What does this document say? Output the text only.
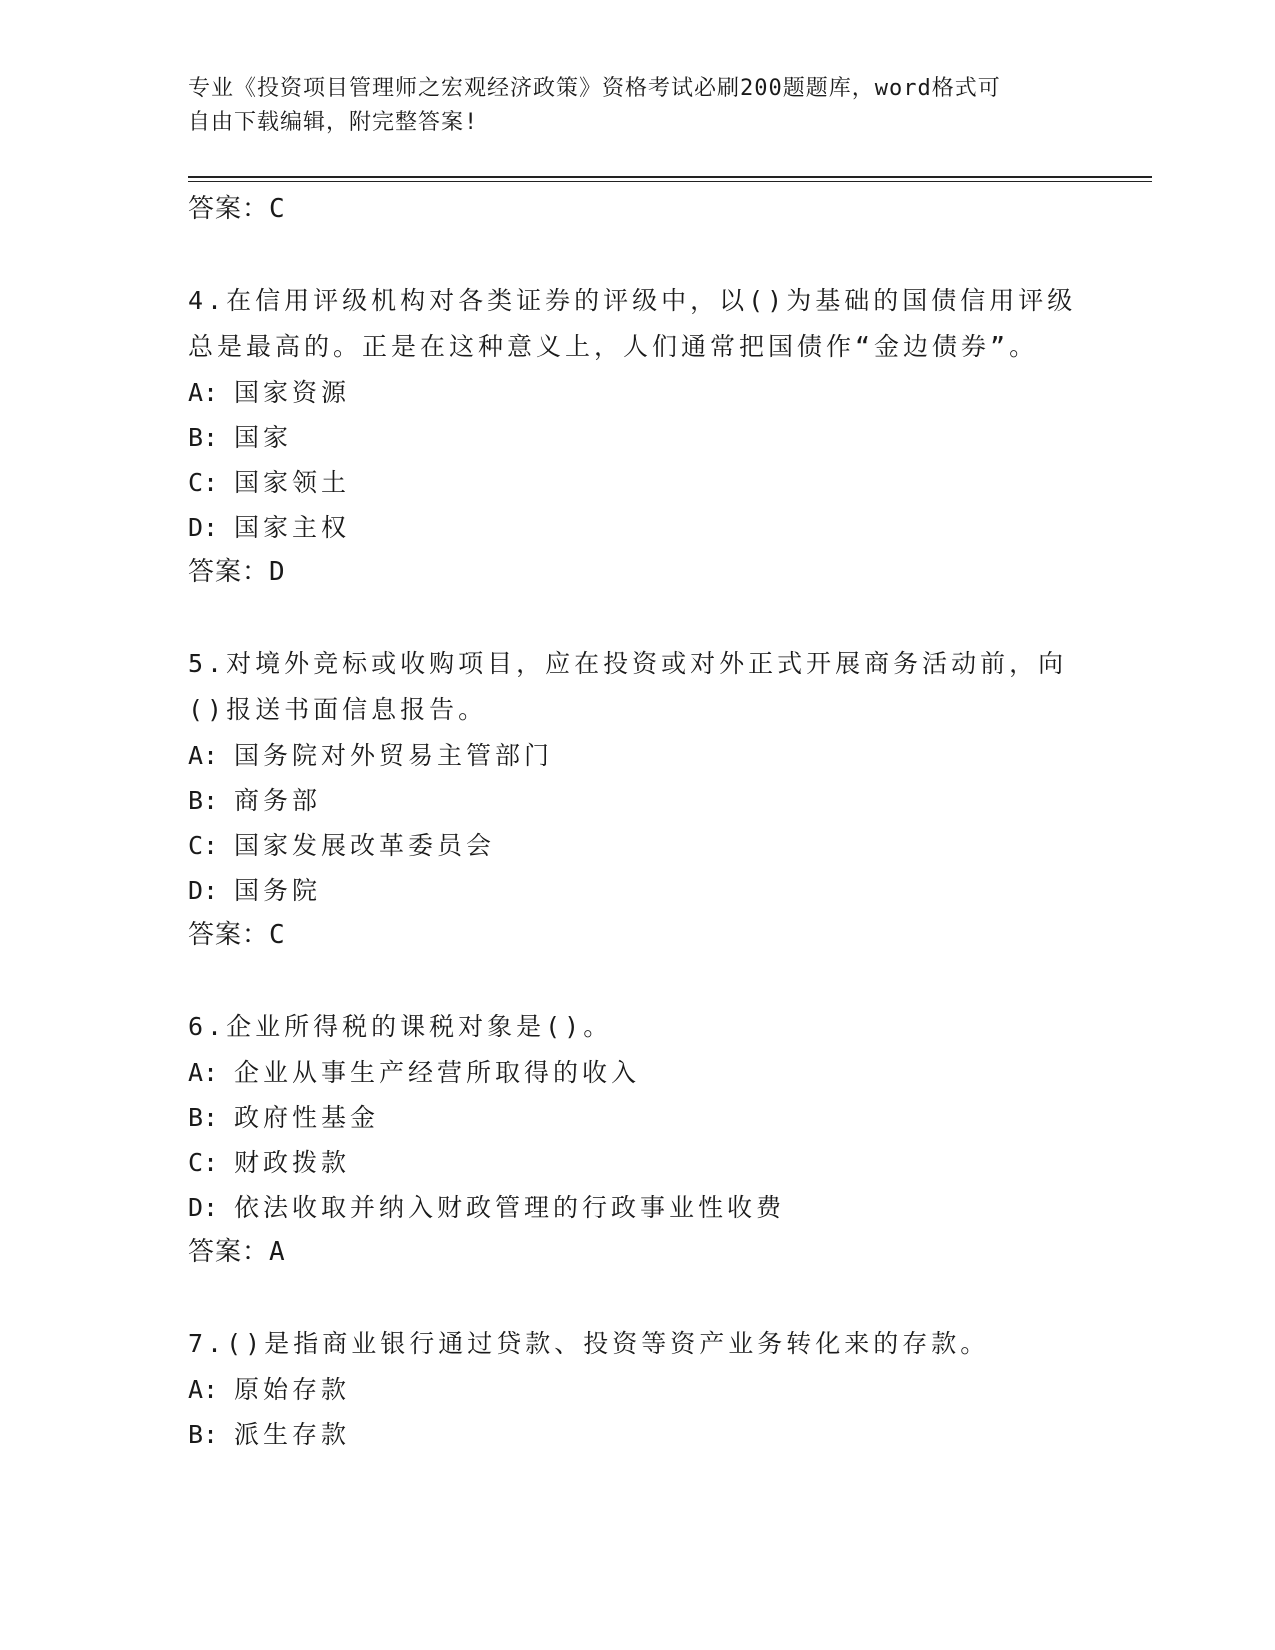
专业《投资项目管理师之宏观经济政策》资格考试必刷200题题库，word格式可
自由下载编辑，附完整答案!
答案：C
4.在信用评级机构对各类证券的评级中，以()为基础的国债信用评级
总是最高的。正是在这种意义上，人们通常把国债作“金边债券”。
A: 国家资源
B: 国家
C: 国家领土
D: 国家主权
答案：D
5.对境外竞标或收购项目，应在投资或对外正式开展商务活动前，向
()报送书面信息报告。
A: 国务院对外贸易主管部门
B: 商务部
C: 国家发展改革委员会
D: 国务院
答案：C
6.企业所得税的课税对象是()。
A: 企业从事生产经营所取得的收入
B: 政府性基金
C: 财政拨款
D: 依法收取并纳入财政管理的行政事业性收费
答案：A
7.()是指商业银行通过贷款、投资等资产业务转化来的存款。
A: 原始存款
B: 派生存款
